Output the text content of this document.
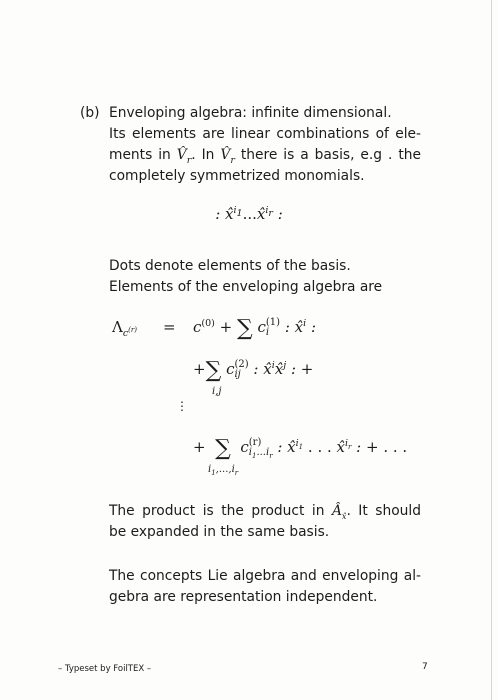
(b) Enveloping algebra: infinite dimensional.
Its elements are linear combinations of ele-
ments in $V̂_r$. In $V̂_r$ there is a basis, e.g . the
completely symmetrized monomials.
: x̂$^{i_1}$...x̂$^{i_r}$ :
Dots denote elements of the basis.
Elements of the enveloping algebra are
$\Lambda_{c^{(r)}} = c^{(0)}$ + ∑ c(1)
i : x̂$^i$ :
+∑ c(2)
ij : x̂$^i$x̂$^j$ : +
i,j
⋮
+ ∑  c(r)
$i_1...i_r$ : x̂$^{i_1}$ . . . x̂$^{i_r}$ : + . . .
$i_1,...,i_r$
The product is the product in $Â_{x̂}$. It should
be expanded in the same basis.
The concepts Lie algebra and enveloping al-
gebra are representation independent.
– Typeset by FoilTEX –	7
